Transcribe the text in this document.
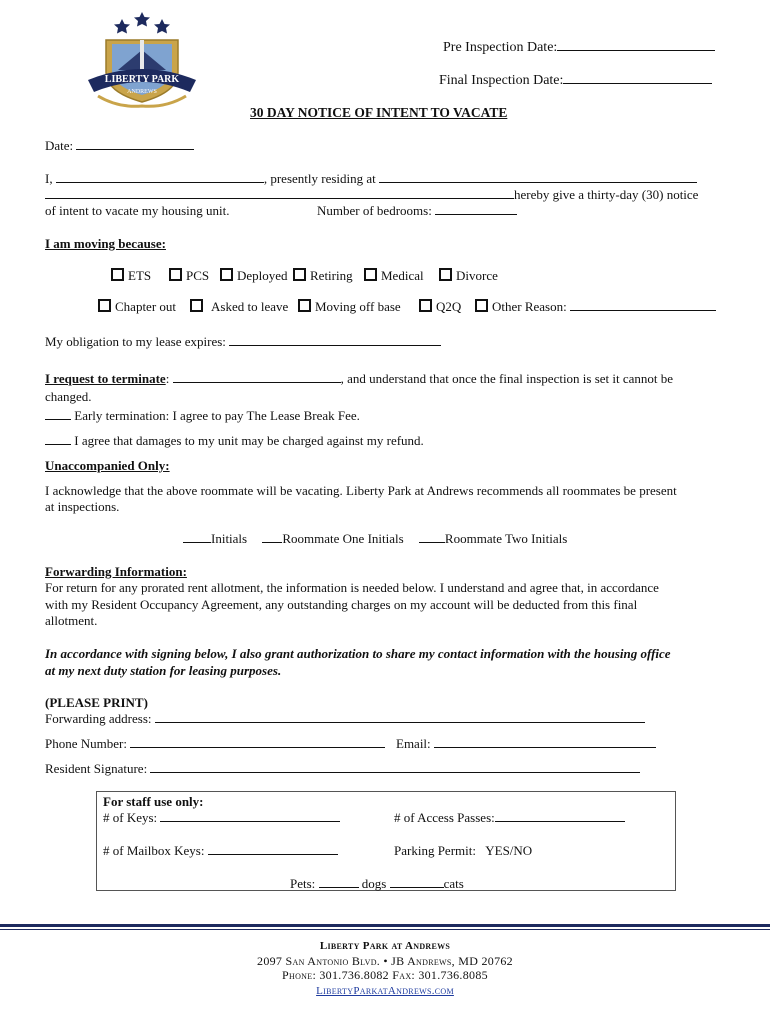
LIBERTY PARK
ANDREWS
Pre Inspection Date:
Final Inspection Date:
30 DAY NOTICE OF INTENT TO VACATE
Date:
I,	, presently residing at
hereby give a thirty-day (30) notice
of intent to vacate my housing unit.	Number of bedrooms:
I am moving because:
ETS	PCS	Deployed	Retiring	Medical	Divorce
Chapter out	Asked to leave	Moving off base	Q2Q	Other Reason:
My obligation to my lease expires:
I request to terminate:	, and understand that once the final inspection is set it cannot be
changed.
Early termination: I agree to pay The Lease Break Fee.
I agree that damages to my unit may be charged against my refund.
Unaccompanied Only:
I acknowledge that the above roommate will be vacating. Liberty Park at Andrews recommends all roommates be present
at inspections.
Initials	Roommate One Initials	Roommate Two Initials
Forwarding Information:
For return for any prorated rent allotment, the information is needed below. I understand and agree that, in accordance
with my Resident Occupancy Agreement, any outstanding charges on my account will be deducted from this final
allotment.
In accordance with signing below, I also grant authorization to share my contact information with the housing office
at my next duty station for leasing purposes.
(PLEASE PRINT)
Forwarding address:
Phone Number:	Email:
Resident Signature:
For staff use only:
# of Keys:	# of Access Passes:
# of Mailbox Keys:	Parking Permit: YES/NO
Pets:	dogs	cats
Liberty Park at Andrews
2097 San Antonio Blvd. • JB Andrews, MD 20762
Phone: 301.736.8082 Fax: 301.736.8085
LibertyParkatAndrews.com
